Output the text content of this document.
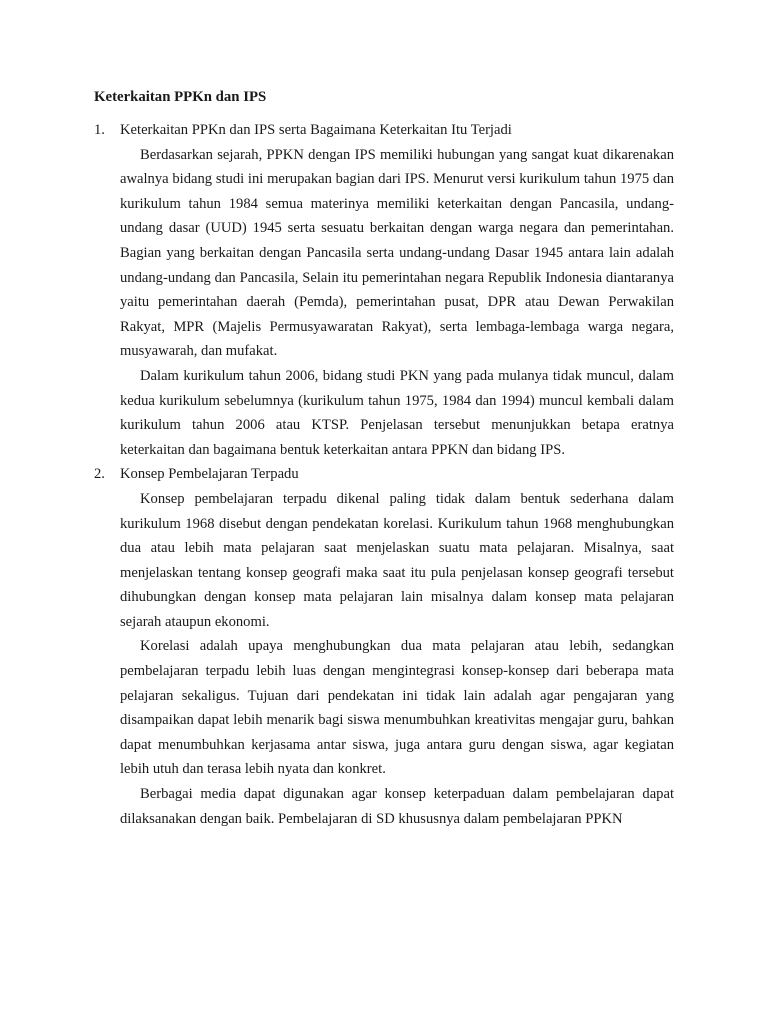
Keterkaitan PPKn dan IPS
1.	Keterkaitan PPKn dan IPS serta Bagaimana Keterkaitan Itu Terjadi

Berdasarkan sejarah, PPKN dengan IPS memiliki hubungan yang sangat kuat dikarenakan awalnya bidang studi ini merupakan bagian dari IPS. Menurut versi kurikulum tahun 1975 dan kurikulum tahun 1984 semua materinya memiliki keterkaitan dengan Pancasila, undang-undang dasar (UUD) 1945 serta sesuatu berkaitan dengan warga negara dan pemerintahan. Bagian yang berkaitan dengan Pancasila serta undang-undang Dasar 1945 antara lain adalah undang-undang dan Pancasila, Selain itu pemerintahan negara Republik Indonesia diantaranya yaitu pemerintahan daerah (Pemda), pemerintahan pusat, DPR atau Dewan Perwakilan Rakyat, MPR (Majelis Permusyawaratan Rakyat), serta lembaga-lembaga warga negara, musyawarah, dan mufakat.

Dalam kurikulum tahun 2006, bidang studi PKN yang pada mulanya tidak muncul, dalam kedua kurikulum sebelumnya (kurikulum tahun 1975, 1984 dan 1994) muncul kembali dalam kurikulum tahun 2006 atau KTSP. Penjelasan tersebut menunjukkan betapa eratnya keterkaitan dan bagaimana bentuk keterkaitan antara PPKN dan bidang IPS.

2.	Konsep Pembelajaran Terpadu

Konsep pembelajaran terpadu dikenal paling tidak dalam bentuk sederhana dalam kurikulum 1968 disebut dengan pendekatan korelasi. Kurikulum tahun 1968 menghubungkan dua atau lebih mata pelajaran saat menjelaskan suatu mata pelajaran. Misalnya, saat menjelaskan tentang konsep geografi maka saat itu pula penjelasan konsep geografi tersebut dihubungkan dengan konsep mata pelajaran lain misalnya dalam konsep mata pelajaran sejarah ataupun ekonomi.

Korelasi adalah upaya menghubungkan dua mata pelajaran atau lebih, sedangkan pembelajaran terpadu lebih luas dengan mengintegrasi konsep-konsep dari beberapa mata pelajaran sekaligus. Tujuan dari pendekatan ini tidak lain adalah agar pengajaran yang disampaikan dapat lebih menarik bagi siswa menumbuhkan kreativitas mengajar guru, bahkan dapat menumbuhkan kerjasama antar siswa, juga antara guru dengan siswa, agar kegiatan lebih utuh dan terasa lebih nyata dan konkret.

Berbagai media dapat digunakan agar konsep keterpaduan dalam pembelajaran dapat dilaksanakan dengan baik. Pembelajaran di SD khususnya dalam pembelajaran PPKN
